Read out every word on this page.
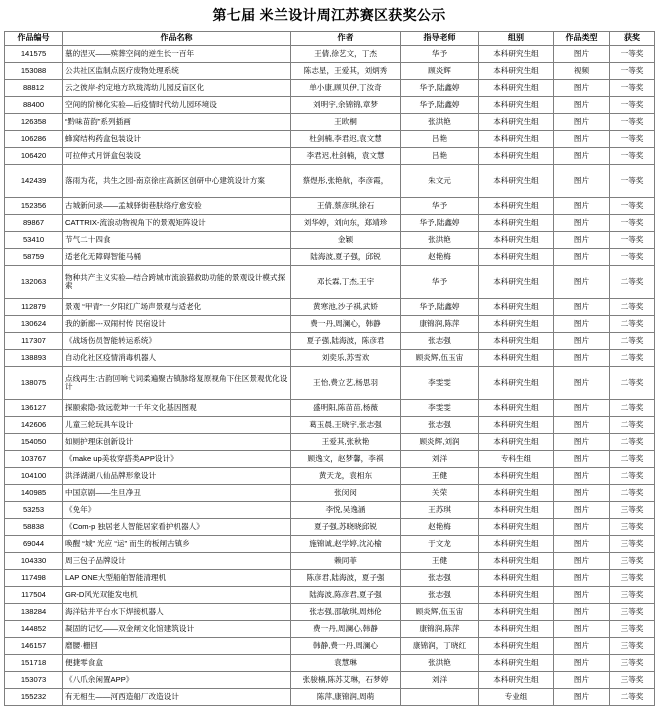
第七届 米兰设计周江苏赛区获奖公示
作品编号	作品名称	作者	指导老师	组别	作品类型	获奖
141575	墓的涅灭——殡葬空间的逆生长一百年	王倩,徐艺文，丁杰	华予	本科研究生组	图片	一等奖
153088	公共社区监制点医疗废物处理系统	陈志星，王爱其，刘炳秀	顾炎辉	本科研究生组	视频	一等奖
88812	云之彼岸-约定地方玖珑湾幼儿园反盲区化	单小康,顾贝伊,丁汝奇	华予,陆鑫婷	本科研究生组	图片	一等奖
88400	空间的阶梯化实验—后疫情时代幼儿园环境设	刘明宇,余锦锦,章梦	华予,陆鑫婷	本科研究生组	图片	一等奖
126358	“黔味苗韵”系列插画	王欧桐	张洪艳	本科研究生组	图片	一等奖
106286	蜂窝结构药盒包装设计	杜剑楠,李君迟,袁文慧	吕艳	本科研究生组	图片	一等奖
106420	可拉伸式月饼盒包装设	李君迟,杜剑楠，袁文慧	吕艳	本科研究生组	图片	一等奖
142439	落雨为花，共生之园-南京徐庄高新区创研中心建筑设计方案	蔡煜彤,张艳航，李彦霞，	朱文元	本科研究生组	图片	一等奖
152356	古城新问录——孟城驿街巷肤络疗愈安验	王倩,蔡彦琪,徐石	华予	本科研究生组	图片	一等奖
89867	CATTRIX-流浪动物视角下的景观矩阵设计	刘华婷，刘向东，郑靖珍	华予,陆鑫婷	本科研究生组	图片	一等奖
53410	节气二十四食	金颖	张洪艳	本科研究生组	图片	一等奖
58759	适老化无障碍智能马桶	陆海波,夏子强，邱锐	赵艳梅	本科研究生组	图片	一等奖
132063	物种共产主义实验—结合跨城市流浪猫救助功能的景观设计模式探索	邓长霖,丁杰,王宇	华予	本科研究生组	图片	二等奖
112879	景观 “甲青”一夕阳红广场声景观与适老化	黄寒池,沙子祺,武娇	华予,陆鑫婷	本科研究生组	图片	二等奖
130624	我的新廊---双闹村传 民宿设计	费一丹,周澜心，韩静	康锦润,陈萍	本科研究生组	图片	二等奖
117307	《战场伤员智能转运系统》	夏子强,陆海波，陈彦君	张志强	本科研究生组	图片	二等奖
138893	自动化社区疫情消毒机器人	刘奕乐,苏雪欢	顾炎辉,伍玉宙	本科研究生组	图片	二等奖
138075	点线再生:古韵回响弋词柔遍聚古镇脉络复原视角下住区景观优化设计	王怡,费立艺,杨思羽	李雯雯	本科研究生组	图片	二等奖
136127	探颐索隐-致远乾坤一千年文化基因图观	盛明阳,陈苗苗,杨薇	李雯雯	本科研究生组	图片	二等奖
142606	儿童三轮玩具车设计	葛玉晨,王晓宇,张志强	张志强	本科研究生组	图片	二等奖
154050	如厕护理床创新设计	王爱其,张秋艳	顾炎辉,刘润	本科研究生组	图片	二等奖
103767	《make up美妆穿搭类APP设计》	顾逸文，赵梦馨，李祺	刘洋	专科生组	图片	二等奖
104100	洪泽湖湖八仙品牌形象设计	黄天龙，袁相东	王健	本科研究生组	图片	二等奖
140985	中国京剧——生旦净丑	张闵闵	关荣	本科研究生组	图片	二等奖
53253	《免年》	李悦,吴逸涵	王苏琪	本科研究生组	图片	三等奖
58838	《Com-p 独居老人智能居家看护机器人》	夏子强,苏晓晓邱锐	赵艳梅	本科研究生组	图片	三等奖
69044	唤醒 “城” 光应 “运” 而生的板闸古镇乡	施锦诚,赵学婷,沈沁榆	于文龙	本科研究生组	图片	三等奖
104330	周三包子品牌设计	赖同菲	王健	本科研究生组	图片	三等奖
117498	LAP ONE大型船舶智能清理机	陈彦君,陆海波，夏子强	张志强	本科研究生组	图片	三等奖
117504	GR-D风光双能发电机	陆海波,陈彦君,夏子强	张志强	本科研究生组	图片	三等奖
138284	海洋钻井平台水下焊接机器人	张志强,邵敏琪,周炜伦	顾炎辉,伍玉宙	本科研究生组	图片	三等奖
144852	凝固的记忆——双金闸文化馆建筑设计	费一丹,周澜心,韩静	康锦润,陈萍	本科研究生组	图片	三等奖
146157	磨腰·栅回	韩静,费一丹,周澜心	康锦润，丁晓红	本科研究生组	图片	三等奖
151718	便捷零食盒	袁慧琳	张洪艳	本科研究生组	图片	三等奖
153073	《八爪余闲置APP》	张骏楠,陈苏艾琳，石梦婷	刘洋	本科研究生组	图片	三等奖
155232	有无相生——河西造船厂改造设计	陈萍,康锦润,周萌		专业组	图片	二等奖
